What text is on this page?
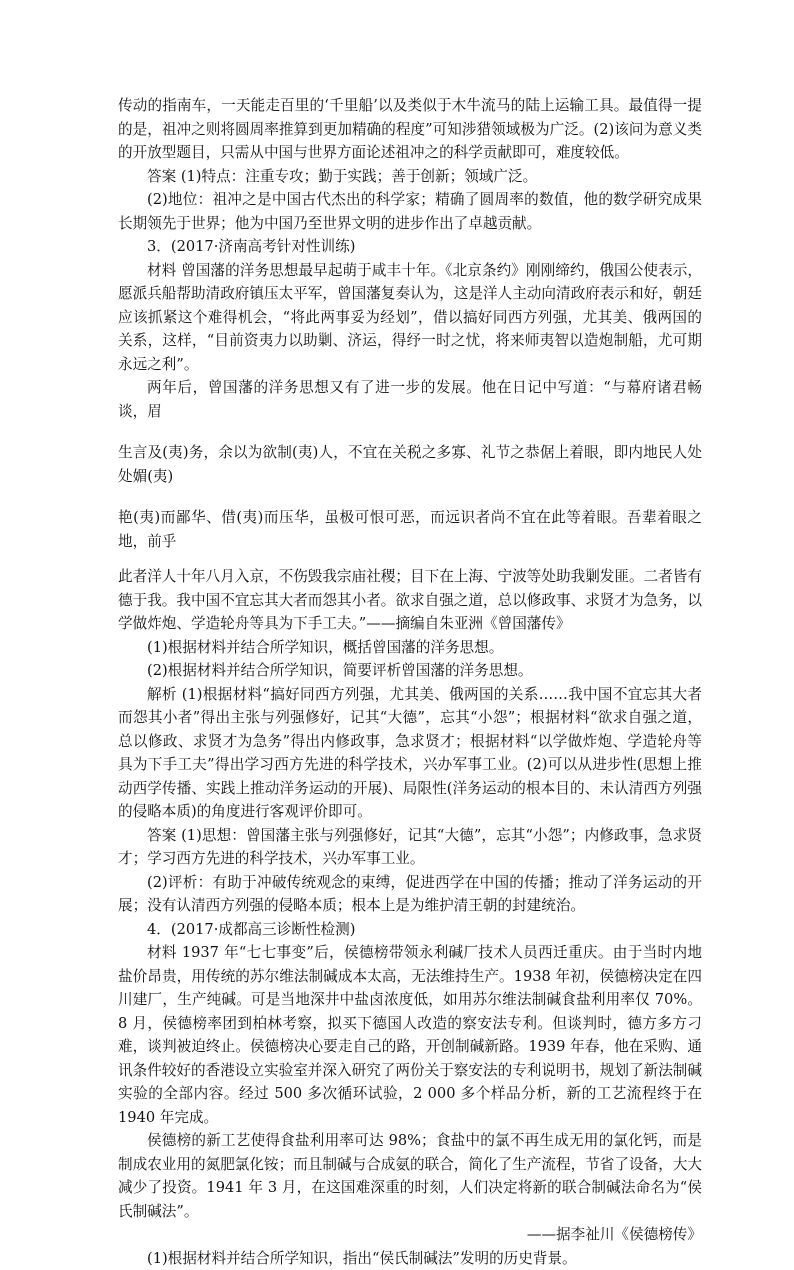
传动的指南车，一天能走百里的‘千里船’以及类似于木牛流马的陆上运输工具。最值得一提的是，祖冲之则将圆周率推算到更加精确的程度”可知涉猎领域极为广泛。(2)该问为意义类的开放型题目，只需从中国与世界方面论述祖冲之的科学贡献即可，难度较低。

答案 (1)特点：注重专攻；勤于实践；善于创新；领域广泛。

(2)地位：祖冲之是中国古代杰出的科学家；精确了圆周率的数值，他的数学研究成果长期领先于世界；他为中国乃至世界文明的进步作出了卓越贡献。

3．(2017·济南高考针对性训练)

材料 曾国藩的洋务思想最早起萌于咸丰十年。《北京条约》刚刚缔约，俄国公使表示，愿派兵船帮助清政府镇压太平军，曾国藩复奏认为，这是洋人主动向清政府表示和好，朝廷应该抓紧这个难得机会，“将此两事妥为经划”，借以搞好同西方列强，尤其美、俄两国的关系，这样，“目前资夷力以助剿、济运，得纾一时之忧，将来师夷智以造炮制船，尤可期永远之利”。

两年后，曾国藩的洋务思想又有了进一步的发展。他在日记中写道：“与幕府诸君畅谈，眉

生言及(夷)务，余以为欲制(夷)人，不宜在关税之多寡、礼节之恭倨上着眼，即内地民人处处媚(夷)

艳(夷)而鄙华、借(夷)而压华，虽极可恨可恶，而远识者尚不宜在此等着眼。吾辈着眼之地，前乎

此者洋人十年八月入京，不伤毁我宗庙社稷；目下在上海、宁波等处助我剿发匪。二者皆有德于我。我中国不宜忘其大者而怨其小者。欲求自强之道，总以修政事、求贤才为急务，以学做炸炮、学造轮舟等具为下手工夫。”——摘编自朱亚洲《曾国藩传》

(1)根据材料并结合所学知识，概括曾国藩的洋务思想。

(2)根据材料并结合所学知识，简要评析曾国藩的洋务思想。

解析 (1)根据材料“搞好同西方列强，尤其美、俄两国的关系……我中国不宜忘其大者而怨其小者”得出主张与列强修好，记其“大德”，忘其“小怨”；根据材料“欲求自强之道，总以修政、求贤才为急务”得出内修政事，急求贤才；根据材料“以学做炸炮、学造轮舟等具为下手工夫”得出学习西方先进的科学技术，兴办军事工业。(2)可以从进步性(思想上推动西学传播、实践上推动洋务运动的开展)、局限性(洋务运动的根本目的、未认清西方列强的侵略本质)的角度进行客观评价即可。

答案 (1)思想：曾国藩主张与列强修好，记其“大德”，忘其“小怨”；内修政事，急求贤才；学习西方先进的科学技术，兴办军事工业。

(2)评析：有助于冲破传统观念的束缚，促进西学在中国的传播；推动了洋务运动的开展；没有认清西方列强的侵略本质；根本上是为维护清王朝的封建统治。

4．(2017·成都高三诊断性检测)

材料 1937 年“七七事变”后，侯德榜带领永利碱厂技术人员西迁重庆。由于当时内地盐价昂贵，用传统的苏尔维法制碱成本太高，无法维持生产。1938 年初，侯德榜决定在四川建厂，生产纯碱。可是当地深井中盐卤浓度低，如用苏尔维法制碱食盐利用率仅 70%。8 月，侯德榜率团到柏林考察，拟买下德国人改造的察安法专利。但谈判时，德方多方刁难，谈判被迫终止。侯德榜决心要走自己的路，开创制碱新路。1939 年春，他在采购、通讯条件较好的香港设立实验室并深入研究了两份关于察安法的专利说明书，规划了新法制碱实验的全部内容。经过 500 多次循环试验，2 000 多个样品分析，新的工艺流程终于在 1940 年完成。

侯德榜的新工艺使得食盐利用率可达 98%；食盐中的氯不再生成无用的氯化钙，而是制成农业用的氮肥氯化铵；而且制碱与合成氨的联合，简化了生产流程，节省了设备，大大减少了投资。1941 年 3 月，在这国难深重的时刻，人们决定将新的联合制碱法命名为“侯氏制碱法”。

——据李祉川《侯德榜传》

(1)根据材料并结合所学知识，指出“侯氏制碱法”发明的历史背景。
